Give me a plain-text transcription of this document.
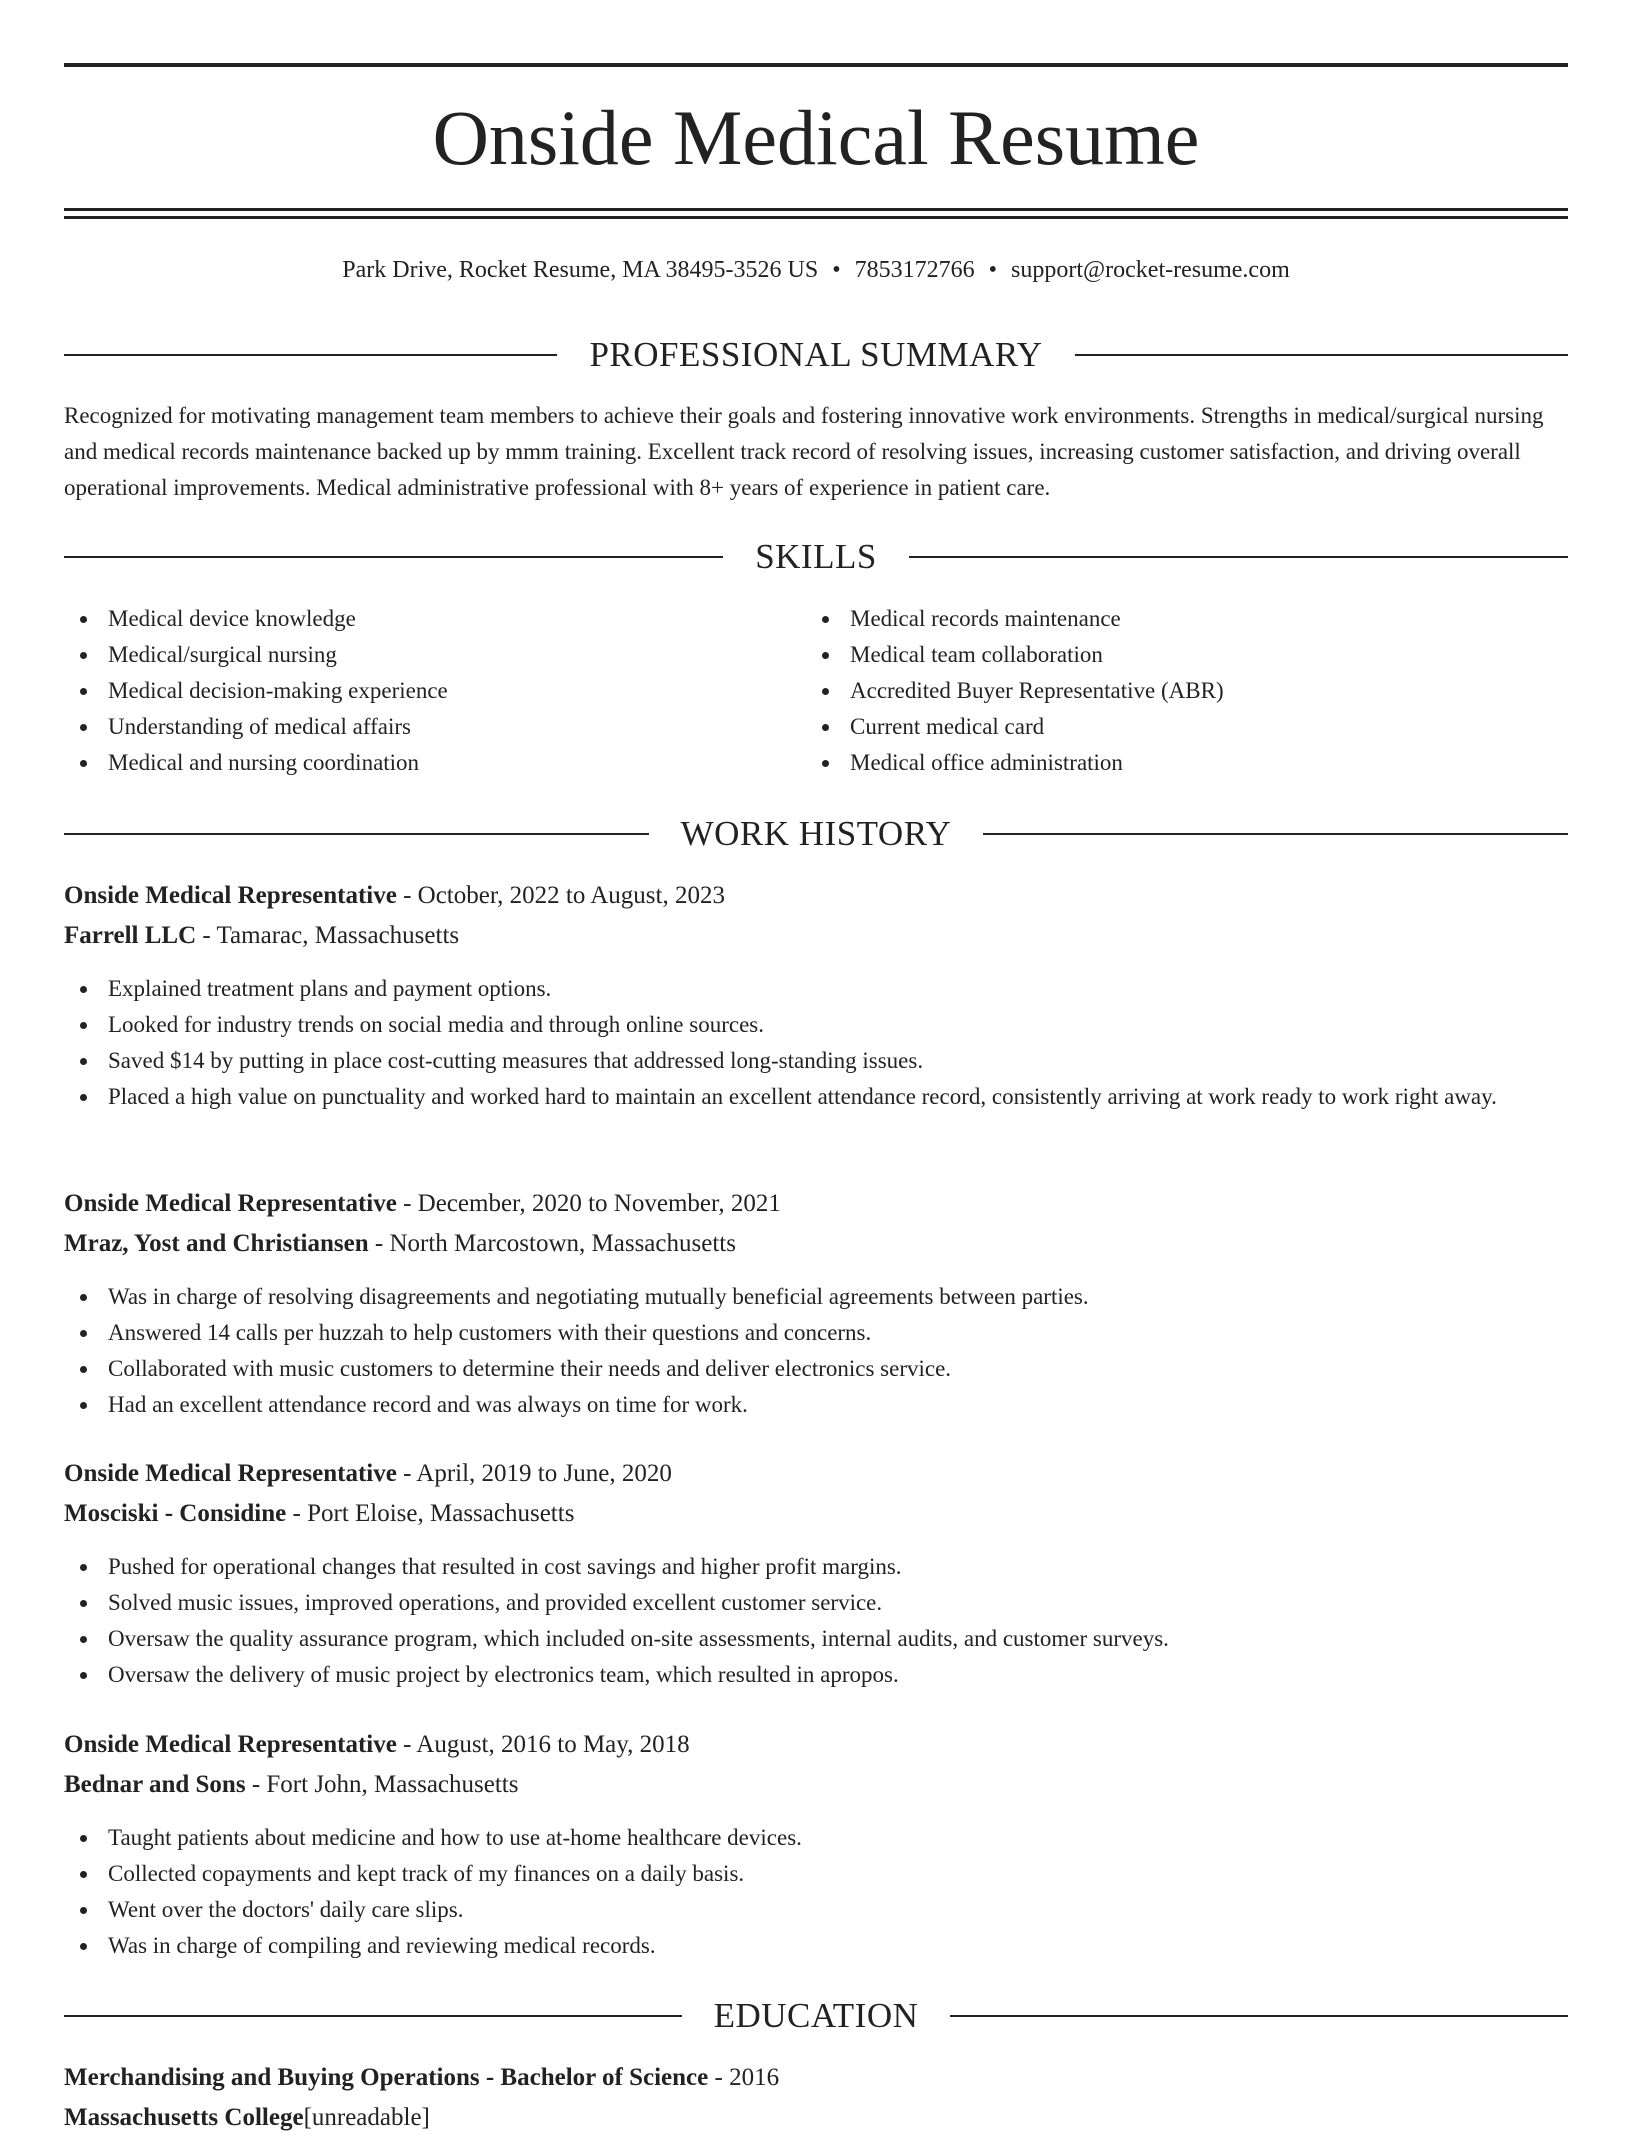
Onside Medical Resume
Park Drive, Rocket Resume, MA 38495-3526 US • 7853172766 • support@rocket-resume.com
PROFESSIONAL SUMMARY
Recognized for motivating management team members to achieve their goals and fostering innovative work environments. Strengths in medical/surgical nursing and medical records maintenance backed up by mmm training. Excellent track record of resolving issues, increasing customer satisfaction, and driving overall operational improvements. Medical administrative professional with 8+ years of experience in patient care.
SKILLS
Medical device knowledge
Medical/surgical nursing
Medical decision-making experience
Understanding of medical affairs
Medical and nursing coordination
Medical records maintenance
Medical team collaboration
Accredited Buyer Representative (ABR)
Current medical card
Medical office administration
WORK HISTORY
Onside Medical Representative - October, 2022 to August, 2023
Farrell LLC - Tamarac, Massachusetts
Explained treatment plans and payment options.
Looked for industry trends on social media and through online sources.
Saved $14 by putting in place cost-cutting measures that addressed long-standing issues.
Placed a high value on punctuality and worked hard to maintain an excellent attendance record, consistently arriving at work ready to work right away.
Onside Medical Representative - December, 2020 to November, 2021
Mraz, Yost and Christiansen - North Marcostown, Massachusetts
Was in charge of resolving disagreements and negotiating mutually beneficial agreements between parties.
Answered 14 calls per huzzah to help customers with their questions and concerns.
Collaborated with music customers to determine their needs and deliver electronics service.
Had an excellent attendance record and was always on time for work.
Onside Medical Representative - April, 2019 to June, 2020
Mosciski - Considine - Port Eloise, Massachusetts
Pushed for operational changes that resulted in cost savings and higher profit margins.
Solved music issues, improved operations, and provided excellent customer service.
Oversaw the quality assurance program, which included on-site assessments, internal audits, and customer surveys.
Oversaw the delivery of music project by electronics team, which resulted in apropos.
Onside Medical Representative - August, 2016 to May, 2018
Bednar and Sons - Fort John, Massachusetts
Taught patients about medicine and how to use at-home healthcare devices.
Collected copayments and kept track of my finances on a daily basis.
Went over the doctors' daily care slips.
Was in charge of compiling and reviewing medical records.
EDUCATION
Merchandising and Buying Operations - Bachelor of Science - 2016
Massachusetts College[unreadable]
